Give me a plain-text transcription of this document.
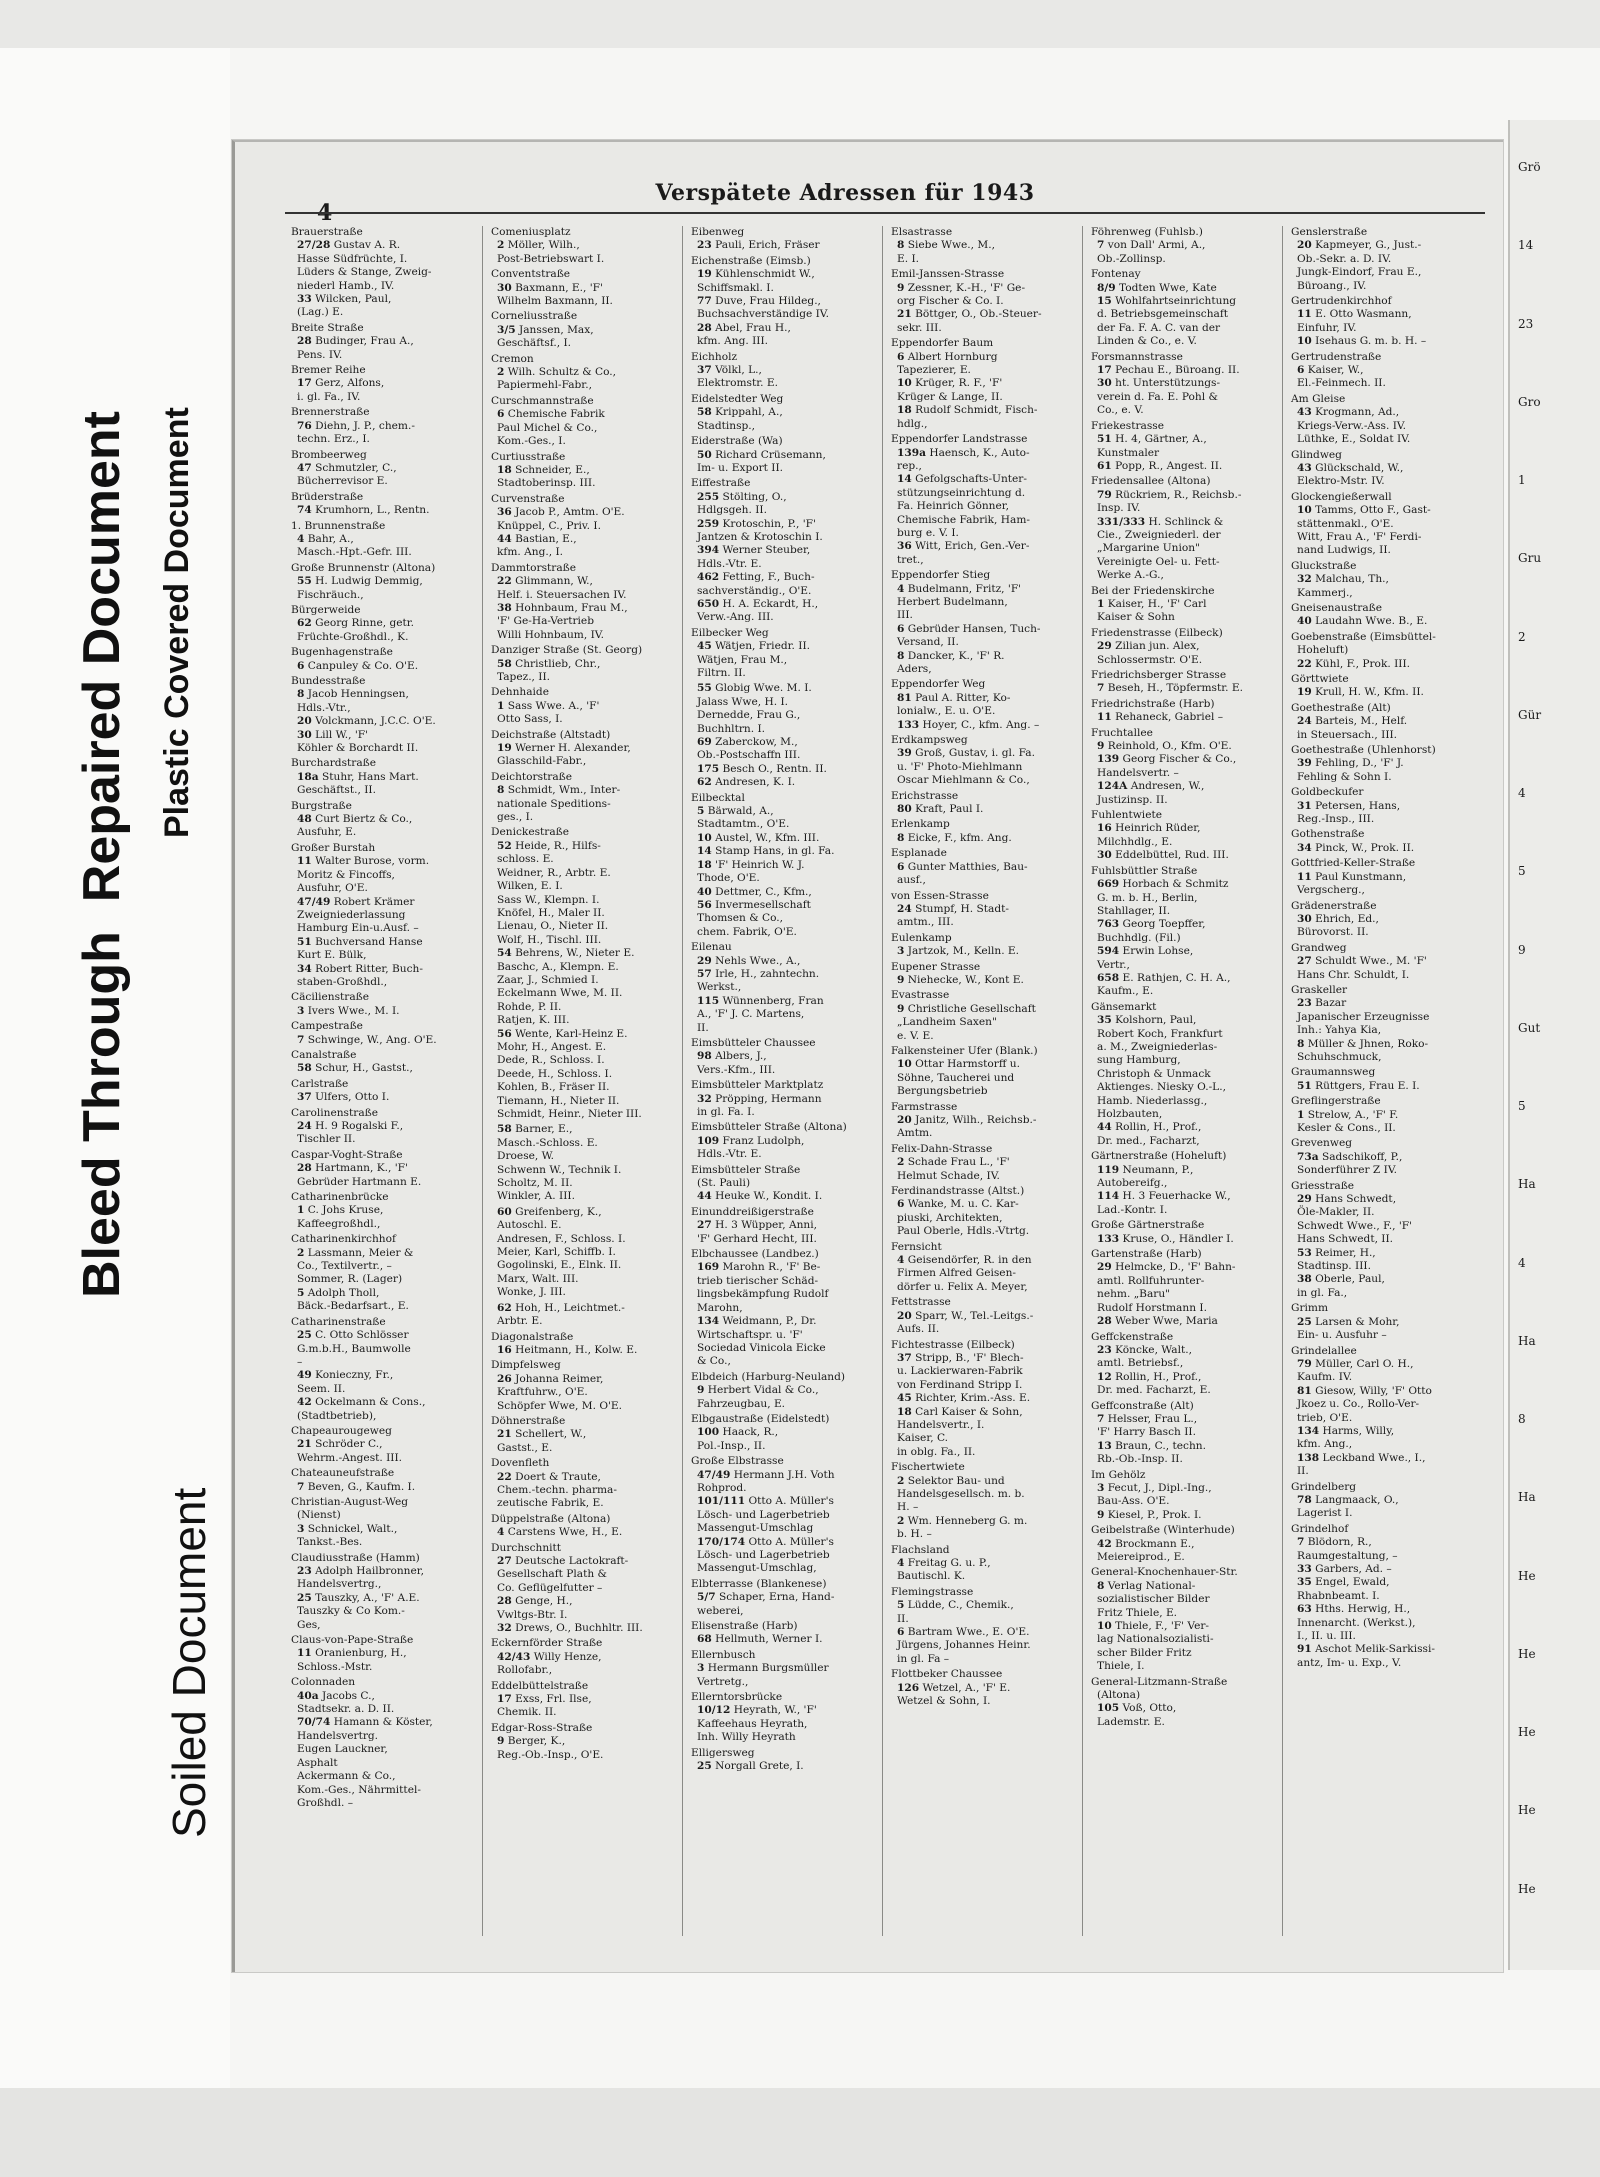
Bleed Through  Repaired Document Plastic Covered Document
Soiled Document
4
Verspätete Adressen für 1943
Brauerstraße
27/28 Gustav A. R.
Hasse Südfrüchte, I.
Lüders & Stange, Zweig-
niederl Hamb., IV.
33 Wilcken, Paul,
(Lag.) E.
Breite Straße
28 Budinger, Frau A.,
Pens. IV.
Bremer Reihe
17 Gerz, Alfons,
i. gl. Fa., IV.
Brennerstraße
76 Diehn, J. P., chem.-
techn. Erz., I.
Brombeerweg
47 Schmutzler, C.,
Bücherrevisor E.
Brüderstraße
74 Krumhorn, L., Rentn.
1. Brunnenstraße
4 Bahr, A.,
Masch.-Hpt.-Gefr. III.
Große Brunnenstr (Altona)
55 H. Ludwig Demmig,
Fischräuch.,
Bürgerweide
62 Georg Rinne, getr.
Früchte-Großhdl., K.
Bugenhagenstraße
6 Canpuley & Co. O'E.
Bundesstraße
8 Jacob Henningsen,
Hdls.-Vtr.,
20 Volckmann, J.C.C. O'E.
30 Lill W., 'F'
Köhler & Borchardt II.
Burchardstraße
18a Stuhr, Hans Mart.
Geschäftst., II.
Burgstraße
48 Curt Biertz & Co.,
Ausfuhr, E.
Großer Burstah
11 Walter Burose, vorm.
Moritz & Fincoffs,
Ausfuhr, O'E.
47/49 Robert Krämer
Zweigniederlassung
Hamburg Ein-u.Ausf. –
51 Buchversand Hanse
Kurt E. Bülk,
34 Robert Ritter, Buch-
staben-Großhdl.,
Cäcilienstraße
3 Ivers Wwe., M. I.
Campestraße
7 Schwinge, W., Ang. O'E.
Canalstraße
58 Schur, H., Gastst.,
Carlstraße
37 Ulfers, Otto I.
Carolinenstraße
24 H. 9 Rogalski F.,
Tischler II.
Caspar-Voght-Straße
28 Hartmann, K., 'F'
Gebrüder Hartmann E.
Catharinenbrücke
1 C. Johs Kruse,
Kaffeegroßhdl.,
Catharinenkirchhof
2 Lassmann, Meier &
Co., Textilvertr., –
Sommer, R. (Lager)
5 Adolph Tholl,
Bäck.-Bedarfsart., E.
Catharinenstraße
25 C. Otto Schlösser
G.m.b.H., Baumwolle
–
49 Konieczny, Fr.,
Seem. II.
42 Ockelmann & Cons.,
(Stadtbetrieb),
Chapeaurougeweg
21 Schröder C.,
Wehrm.-Angest. III.
Chateauneufstraße
7 Beven, G., Kaufm. I.
Christian-August-Weg
(Nienst)
3 Schnickel, Walt.,
Tankst.-Bes.
Claudiusstraße (Hamm)
23 Adolph Hailbronner,
Handelsvertrg.,
25 Tauszky, A., 'F' A.E.
Tauszky & Co Kom.-
Ges,
Claus-von-Pape-Straße
11 Oranienburg, H.,
Schloss.-Mstr.
Colonnaden
40a Jacobs C.,
Stadtsekr. a. D. II.
70/74 Hamann & Köster,
Handelsvertrg.
Eugen Lauckner,
Asphalt
Ackermann & Co.,
Kom.-Ges., Nährmittel-
Großhdl. –
Comeniusplatz
2 Möller, Wilh.,
Post-Betriebswart I.
Conventstraße
30 Baxmann, E., 'F'
Wilhelm Baxmann, II.
Corneliusstraße
3/5 Janssen, Max,
Geschäftsf., I.
Cremon
2 Wilh. Schultz & Co.,
Papiermehl-Fabr.,
Curschmannstraße
6 Chemische Fabrik
Paul Michel & Co.,
Kom.-Ges., I.
Curtiusstraße
18 Schneider, E.,
Stadtoberinsp. III.
Curvenstraße
36 Jacob P., Amtm. O'E.
Knüppel, C., Priv. I.
44 Bastian, E.,
kfm. Ang., I.
Dammtorstraße
22 Glimmann, W.,
Helf. i. Steuersachen IV.
38 Hohnbaum, Frau M.,
'F' Ge-Ha-Vertrieb
Willi Hohnbaum, IV.
Danziger Straße (St. Georg)
58 Christlieb, Chr.,
Tapez., II.
Dehnhaide
1 Sass Wwe. A., 'F'
Otto Sass, I.
Deichstraße (Altstadt)
19 Werner H. Alexander,
Glasschild-Fabr.,
Deichtorstraße
8 Schmidt, Wm., Inter-
nationale Speditions-
ges., I.
Denickestraße
52 Heide, R., Hilfs-
schloss. E.
Weidner, R., Arbtr. E.
Wilken, E. I.
Sass W., Klempn. I.
Knöfel, H., Maler II.
Lienau, O., Nieter II.
Wolf, H., Tischl. III.
54 Behrens, W., Nieter E.
Baschc, A., Klempn. E.
Zaar, J., Schmied I.
Eckelmann Wwe, M. II.
Rohde, P. II.
Ratjen, K. III.
56 Wente, Karl-Heinz E.
Mohr, H., Angest. E.
Dede, R., Schloss. I.
Deede, H., Schloss. I.
Kohlen, B., Fräser II.
Tiemann, H., Nieter II.
Schmidt, Heinr., Nieter III.
58 Barner, E.,
Masch.-Schloss. E.
Droese, W.
Schwenn W., Technik I.
Scholtz, M. II.
Winkler, A. III.
60 Greifenberg, K.,
Autoschl. E.
Andresen, F., Schloss. I.
Meier, Karl, Schiffb. I.
Gogolinski, E., Elnk. II.
Marx, Walt. III.
Wonke, J. III.
62 Hoh, H., Leichtmet.-
Arbtr. E.
Diagonalstraße
16 Heitmann, H., Kolw. E.
Dimpfelsweg
26 Johanna Reimer,
Kraftfuhrw., O'E.
Schöpfer Wwe, M. O'E.
Döhnerstraße
21 Schellert, W.,
Gastst., E.
Dovenfleth
22 Doert & Traute,
Chem.-techn. pharma-
zeutische Fabrik, E.
Düppelstraße (Altona)
4 Carstens Wwe, H., E.
Durchschnitt
27 Deutsche Lactokraft-
Gesellschaft Plath &
Co. Geflügelfutter –
28 Genge, H.,
Vwltgs-Btr. I.
32 Drews, O., Buchhltr. III.
Eckernförder Straße
42/43 Willy Henze,
Rollofabr.,
Eddelbüttelstraße
17 Exss, Frl. Ilse,
Chemik. II.
Edgar-Ross-Straße
9 Berger, K.,
Reg.-Ob.-Insp., O'E.
Eibenweg
23 Pauli, Erich, Fräser
Eichenstraße (Eimsb.)
19 Kühlenschmidt W.,
Schiffsmakl. I.
77 Duve, Frau Hildeg.,
Buchsachverständige IV.
28 Abel, Frau H.,
kfm. Ang. III.
Eichholz
37 Völkl, L.,
Elektromstr. E.
Eidelstedter Weg
58 Krippahl, A.,
Stadtinsp.,
Eiderstraße (Wa)
50 Richard Crüsemann,
Im- u. Export II.
Eiffestraße
255 Stölting, O.,
Hdlgsgeh. II.
259 Krotoschin, P., 'F'
Jantzen & Krotoschin I.
394 Werner Steuber,
Hdls.-Vtr. E.
462 Fetting, F., Buch-
sachverständig., O'E.
650 H. A. Eckardt, H.,
Verw.-Ang. III.
Eilbecker Weg
45 Wätjen, Friedr. II.
Wätjen, Frau M.,
Filtrn. II.
55 Globig Wwe. M. I.
Jalass Wwe, H. I.
Dernedde, Frau G.,
Buchhltrn. I.
69 Zaberckow, M.,
Ob.-Postschaffn III.
175 Besch O., Rentn. II.
62 Andresen, K. I.
Eilbecktal
5 Bärwald, A.,
Stadtamtm., O'E.
10 Austel, W., Kfm. III.
14 Stamp Hans, in gl. Fa.
18 'F' Heinrich W. J.
Thode, O'E.
40 Dettmer, C., Kfm.,
56 Invermesellschaft
Thomsen & Co.,
chem. Fabrik, O'E.
Eilenau
29 Nehls Wwe., A.,
57 Irle, H., zahntechn.
Werkst.,
115 Wünnenberg, Fran
A., 'F' J. C. Martens,
II.
Eimsbütteler Chaussee
98 Albers, J.,
Vers.-Kfm., III.
Eimsbütteler Marktplatz
32 Pröpping, Hermann
in gl. Fa. I.
Eimsbütteler Straße (Altona)
109 Franz Ludolph,
Hdls.-Vtr. E.
Eimsbütteler Straße
(St. Pauli)
44 Heuke W., Kondit. I.
Einunddreißigerstraße
27 H. 3 Wüpper, Anni,
'F' Gerhard Hecht, III.
Elbchaussee (Landbez.)
169 Marohn R., 'F' Be-
trieb tierischer Schäd-
lingsbekämpfung Rudolf
Marohn,
134 Weidmann, P., Dr.
Wirtschaftspr. u. 'F'
Sociedad Vinicola Eicke
& Co.,
Elbdeich (Harburg-Neuland)
9 Herbert Vidal & Co.,
Fahrzeugbau, E.
Elbgaustraße (Eidelstedt)
100 Haack, R.,
Pol.-Insp., II.
Große Elbstrasse
47/49 Hermann J.H. Voth
Rohprod.
101/111 Otto A. Müller's
Lösch- und Lagerbetrieb
Massengut-Umschlag
170/174 Otto A. Müller's
Lösch- und Lagerbetrieb
Massengut-Umschlag,
Elbterrasse (Blankenese)
5/7 Schaper, Erna, Hand-
weberei,
Elisenstraße (Harb)
68 Hellmuth, Werner I.
Ellernbusch
3 Hermann Burgsmüller
Vertretg.,
Ellerntorsbrücke
10/12 Heyrath, W., 'F'
Kaffeehaus Heyrath,
Inh. Willy Heyrath
Elligersweg
25 Norgall Grete, I.
Elsastrasse
8 Siebe Wwe., M.,
E. I.
Emil-Janssen-Strasse
9 Zessner, K.-H., 'F' Ge-
org Fischer & Co. I.
21 Böttger, O., Ob.-Steuer-
sekr. III.
Eppendorfer Baum
6 Albert Hornburg
Tapezierer, E.
10 Krüger, R. F., 'F'
Krüger & Lange, II.
18 Rudolf Schmidt, Fisch-
hdlg.,
Eppendorfer Landstrasse
139a Haensch, K., Auto-
rep.,
14 Gefolgschafts-Unter-
stützungseinrichtung d.
Fa. Heinrich Gönner,
Chemische Fabrik, Ham-
burg e. V. I.
36 Witt, Erich, Gen.-Ver-
tret.,
Eppendorfer Stieg
4 Budelmann, Fritz, 'F'
Herbert Budelmann,
III.
6 Gebrüder Hansen, Tuch-
Versand, II.
8 Dancker, K., 'F' R.
Aders,
Eppendorfer Weg
81 Paul A. Ritter, Ko-
lonialw., E. u. O'E.
133 Hoyer, C., kfm. Ang. –
Erdkampsweg
39 Groß, Gustav, i. gl. Fa.
u. 'F' Photo-Miehlmann
Oscar Miehlmann & Co.,
Erichstrasse
80 Kraft, Paul I.
Erlenkamp
8 Eicke, F., kfm. Ang.
Esplanade
6 Gunter Matthies, Bau-
ausf.,
von Essen-Strasse
24 Stumpf, H. Stadt-
amtm., III.
Eulenkamp
3 Jartzok, M., Kelln. E.
Eupener Strasse
9 Niehecke, W., Kont E.
Evastrasse
9 Christliche Gesellschaft
„Landheim Saxen"
e. V. E.
Falkensteiner Ufer (Blank.)
10 Ottar Harmstorff u.
Söhne, Taucherei und
Bergungsbetrieb
Farmstrasse
20 Janitz, Wilh., Reichsb.-
Amtm.
Felix-Dahn-Strasse
2 Schade Frau L., 'F'
Helmut Schade, IV.
Ferdinandstrasse (Altst.)
6 Wanke, M. u. C. Kar-
piuski, Architekten,
Paul Oberle, Hdls.-Vtrtg.
Fernsicht
4 Geisendörfer, R. in den
Firmen Alfred Geisen-
dörfer u. Felix A. Meyer,
Fettstrasse
20 Sparr, W., Tel.-Leitgs.-
Aufs. II.
Fichtestrasse (Eilbeck)
37 Stripp, B., 'F' Blech-
u. Lackierwaren-Fabrik
von Ferdinand Stripp I.
45 Richter, Krim.-Ass. E.
18 Carl Kaiser & Sohn,
Handelsvertr., I.
Kaiser, C.
in oblg. Fa., II.
Fischertwiete
2 Selektor Bau- und
Handelsgesellsch. m. b.
H. –
2 Wm. Henneberg G. m.
b. H. –
Flachsland
4 Freitag G. u. P.,
Bautischl. K.
Flemingstrasse
5 Lüdde, C., Chemik.,
II.
6 Bartram Wwe., E. O'E.
Jürgens, Johannes Heinr.
in gl. Fa –
Flottbeker Chaussee
126 Wetzel, A., 'F' E.
Wetzel & Sohn, I.
Föhrenweg (Fuhlsb.)
7 von Dall' Armi, A.,
Ob.-Zollinsp.
Fontenay
8/9 Todten Wwe, Kate
15 Wohlfahrtseinrichtung
d. Betriebsgemeinschaft
der Fa. F. A. C. van der
Linden & Co., e. V.
Forsmannstrasse
17 Pechau E., Büroang. II.
30 ht. Unterstützungs-
verein d. Fa. E. Pohl &
Co., e. V.
Friekestrasse
51 H. 4, Gärtner, A.,
Kunstmaler
61 Popp, R., Angest. II.
Friedensallee (Altona)
79 Rückriem, R., Reichsb.-
Insp. IV.
331/333 H. Schlinck &
Cie., Zweigniederl. der
„Margarine Union"
Vereinigte Oel- u. Fett-
Werke A.-G.,
Bei der Friedenskirche
1 Kaiser, H., 'F' Carl
Kaiser & Sohn
Friedenstrasse (Eilbeck)
29 Zilian jun. Alex,
Schlossermstr. O'E.
Friedrichsberger Strasse
7 Beseh, H., Töpfermstr. E.
Friedrichstraße (Harb)
11 Rehaneck, Gabriel –
Fruchtallee
9 Reinhold, O., Kfm. O'E.
139 Georg Fischer & Co.,
Handelsvertr. –
124A Andresen, W.,
Justizinsp. II.
Fuhlentwiete
16 Heinrich Rüder,
Milchhdlg., E.
30 Eddelbüttel, Rud. III.
Fuhlsbüttler Straße
669 Horbach & Schmitz
G. m. b. H., Berlin,
Stahllager, II.
763 Georg Toepffer,
Buchhdlg. (Fil.)
594 Erwin Lohse,
Vertr.,
658 E. Rathjen, C. H. A.,
Kaufm., E.
Gänsemarkt
35 Kolshorn, Paul,
Robert Koch, Frankfurt
a. M., Zweigniederlas-
sung Hamburg,
Christoph & Unmack
Aktienges. Niesky O.-L.,
Hamb. Niederlassg.,
Holzbauten,
44 Rollin, H., Prof.,
Dr. med., Facharzt,
Gärtnerstraße (Hoheluft)
119 Neumann, P.,
Autobereifg.,
114 H. 3 Feuerhacke W.,
Lad.-Kontr. I.
Große Gärtnerstraße
133 Kruse, O., Händler I.
Gartenstraße (Harb)
29 Helmcke, D., 'F' Bahn-
amtl. Rollfuhrunter-
nehm. „Baru"
Rudolf Horstmann I.
28 Weber Wwe, Maria
Geffckenstraße
23 Köncke, Walt.,
amtl. Betriebsf.,
12 Rollin, H., Prof.,
Dr. med. Facharzt, E.
Geffconstraße (Alt)
7 Helsser, Frau L.,
'F' Harry Basch II.
13 Braun, C., techn.
Rb.-Ob.-Insp. II.
Im Gehölz
3 Fecut, J., Dipl.-Ing.,
Bau-Ass. O'E.
9 Kiesel, P., Prok. I.
Geibelstraße (Winterhude)
42 Brockmann E.,
Meiereiprod., E.
General-Knochenhauer-Str.
8 Verlag National-
sozialistischer Bilder
Fritz Thiele, E.
10 Thiele, F., 'F' Ver-
lag Nationalsozialisti-
scher Bilder Fritz
Thiele, I.
General-Litzmann-Straße
(Altona)
105 Voß, Otto,
Lademstr. E.
Genslerstraße
20 Kapmeyer, G., Just.-
Ob.-Sekr. a. D. IV.
Jungk-Eindorf, Frau E.,
Büroang., IV.
Gertrudenkirchhof
11 E. Otto Wasmann,
Einfuhr, IV.
10 Isehaus G. m. b. H. –
Gertrudenstraße
6 Kaiser, W.,
El.-Feinmech. II.
Am Gleise
43 Krogmann, Ad.,
Kriegs-Verw.-Ass. IV.
Lüthke, E., Soldat IV.
Glindweg
43 Glückschald, W.,
Elektro-Mstr. IV.
Glockengießerwall
10 Tamms, Otto F., Gast-
stättenmakl., O'E.
Witt, Frau A., 'F' Ferdi-
nand Ludwigs, II.
Gluckstraße
32 Malchau, Th.,
Kammerj.,
Gneisenaustraße
40 Laudahn Wwe. B., E.
Goebenstraße (Eimsbüttel-
Hoheluft)
22 Kühl, F., Prok. III.
Görttwiete
19 Krull, H. W., Kfm. II.
Goethestraße (Alt)
24 Barteis, M., Helf.
in Steuersach., III.
Goethestraße (Uhlenhorst)
39 Fehling, D., 'F' J.
Fehling & Sohn I.
Goldbeckufer
31 Petersen, Hans,
Reg.-Insp., III.
Gothenstraße
34 Pinck, W., Prok. II.
Gottfried-Keller-Straße
11 Paul Kunstmann,
Vergscherg.,
Grädenerstraße
30 Ehrich, Ed.,
Bürovorst. II.
Grandweg
27 Schuldt Wwe., M. 'F'
Hans Chr. Schuldt, I.
Graskeller
23 Bazar
Japanischer Erzeugnisse
Inh.: Yahya Kia,
8 Müller & Jhnen, Roko-
Schuhschmuck,
Graumannsweg
51 Rüttgers, Frau E. I.
Greflingerstraße
1 Strelow, A., 'F' F.
Kesler & Cons., II.
Grevenweg
73a Sadschikoff, P.,
Sonderführer Z IV.
Griesstraße
29 Hans Schwedt,
Öle-Makler, II.
Schwedt Wwe., F., 'F'
Hans Schwedt, II.
53 Reimer, H.,
Stadtinsp. III.
38 Oberle, Paul,
in gl. Fa.,
Grimm
25 Larsen & Mohr,
Ein- u. Ausfuhr –
Grindelallee
79 Müller, Carl O. H.,
Kaufm. IV.
81 Giesow, Willy, 'F' Otto
Jkoez u. Co., Rollo-Ver-
trieb, O'E.
134 Harms, Willy,
kfm. Ang.,
138 Leckband Wwe., I.,
II.
Grindelberg
78 Langmaack, O.,
Lagerist I.
Grindelhof
7 Blödorn, R.,
Raumgestaltung, –
33 Garbers, Ad. –
35 Engel, Ewald,
Rhabnbeamt. I.
63 Hths. Herwig, H.,
Innenarcht. (Werkst.),
I., II. u. III.
91 Aschot Melik-Sarkissi-
antz, Im- u. Exp., V.
Grö
14
23
Gro
1
Gru
2
Gür
4
5
9
Gut
5
Ha
4
Ha
8
Ha
He
He
He
He
He
